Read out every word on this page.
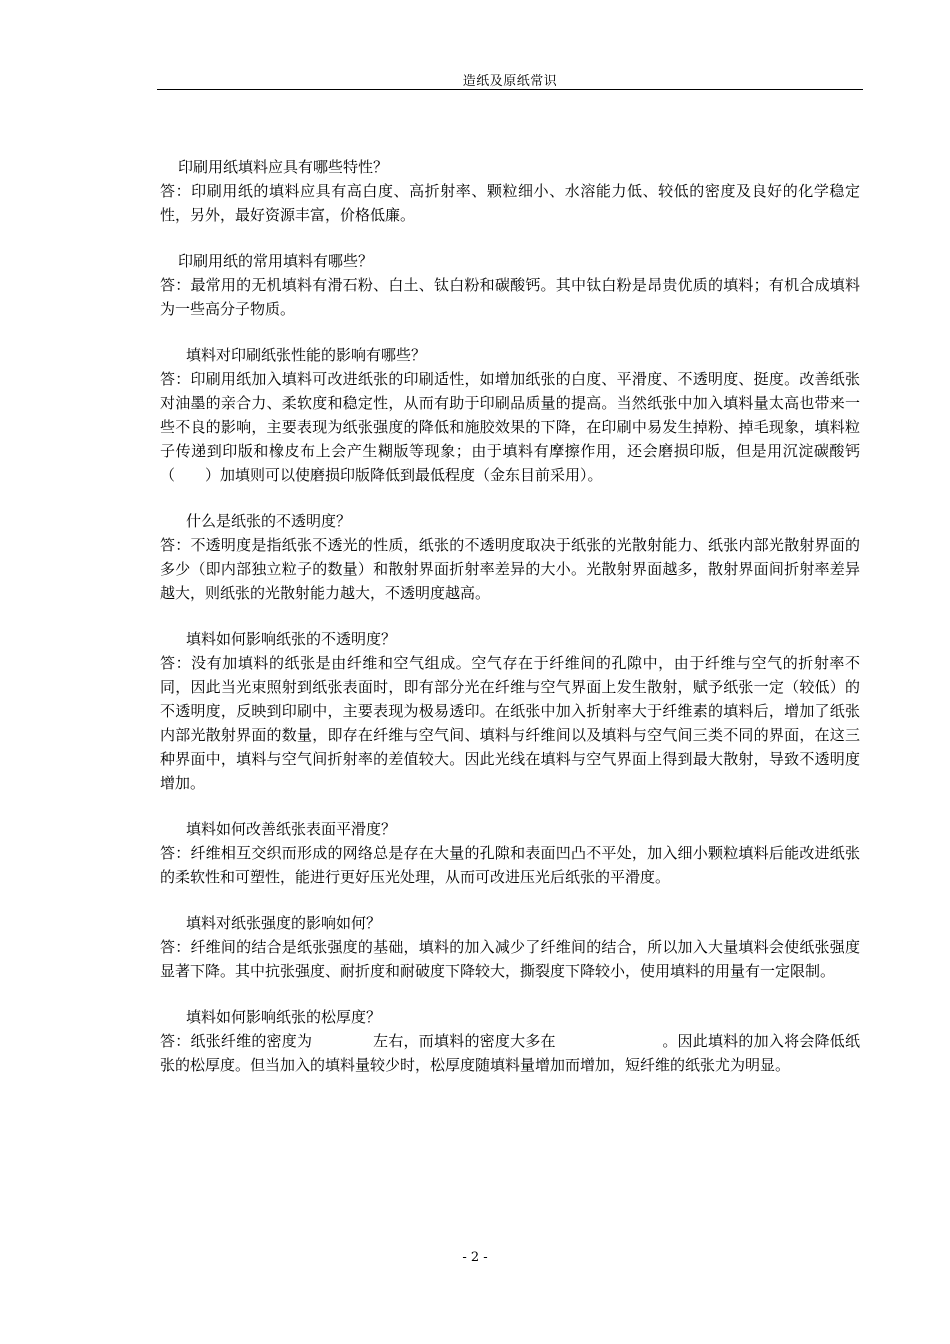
造纸及原纸常识
印刷用纸填料应具有哪些特性？
答：印刷用纸的填料应具有高白度、高折射率、颗粒细小、水溶能力低、较低的密度及良好的化学稳定性，另外，最好资源丰富，价格低廉。
印刷用纸的常用填料有哪些？
答：最常用的无机填料有滑石粉、白土、钛白粉和碳酸钙。其中钛白粉是昂贵优质的填料；有机合成填料为一些高分子物质。
填料对印刷纸张性能的影响有哪些？
答：印刷用纸加入填料可改进纸张的印刷适性，如增加纸张的白度、平滑度、不透明度、挺度。改善纸张对油墨的亲合力、柔软度和稳定性，从而有助于印刷品质量的提高。当然纸张中加入填料量太高也带来一些不良的影响，主要表现为纸张强度的降低和施胶效果的下降，在印刷中易发生掉粉、掉毛现象，填料粒子传递到印版和橡皮布上会产生糊版等现象；由于填料有摩擦作用，还会磨损印版，但是用沉淀碳酸钙（　　）加填则可以使磨损印版降低到最低程度（金东目前采用）。
什么是纸张的不透明度？
答：不透明度是指纸张不透光的性质，纸张的不透明度取决于纸张的光散射能力、纸张内部光散射界面的多少（即内部独立粒子的数量）和散射界面折射率差异的大小。光散射界面越多，散射界面间折射率差异越大，则纸张的光散射能力越大，不透明度越高。
填料如何影响纸张的不透明度？
答：没有加填料的纸张是由纤维和空气组成。空气存在于纤维间的孔隙中，由于纤维与空气的折射率不同，因此当光束照射到纸张表面时，即有部分光在纤维与空气界面上发生散射，赋予纸张一定（较低）的不透明度，反映到印刷中，主要表现为极易透印。在纸张中加入折射率大于纤维素的填料后，增加了纸张内部光散射界面的数量，即存在纤维与空气间、填料与纤维间以及填料与空气间三类不同的界面，在这三种界面中，填料与空气间折射率的差值较大。因此光线在填料与空气界面上得到最大散射，导致不透明度增加。
填料如何改善纸张表面平滑度？
答：纤维相互交织而形成的网络总是存在大量的孔隙和表面凹凸不平处，加入细小颗粒填料后能改进纸张的柔软性和可塑性，能进行更好压光处理，从而可改进压光后纸张的平滑度。
填料对纸张强度的影响如何？
答：纤维间的结合是纸张强度的基础，填料的加入减少了纤维间的结合，所以加入大量填料会使纸张强度显著下降。其中抗张强度、耐折度和耐破度下降较大，撕裂度下降较小，使用填料的用量有一定限制。
填料如何影响纸张的松厚度？
答：纸张纤维的密度为　　　　左右，而填料的密度大多在　　　　　　　。因此填料的加入将会降低纸张的松厚度。但当加入的填料量较少时，松厚度随填料量增加而增加，短纤维的纸张尤为明显。
- 2 -
